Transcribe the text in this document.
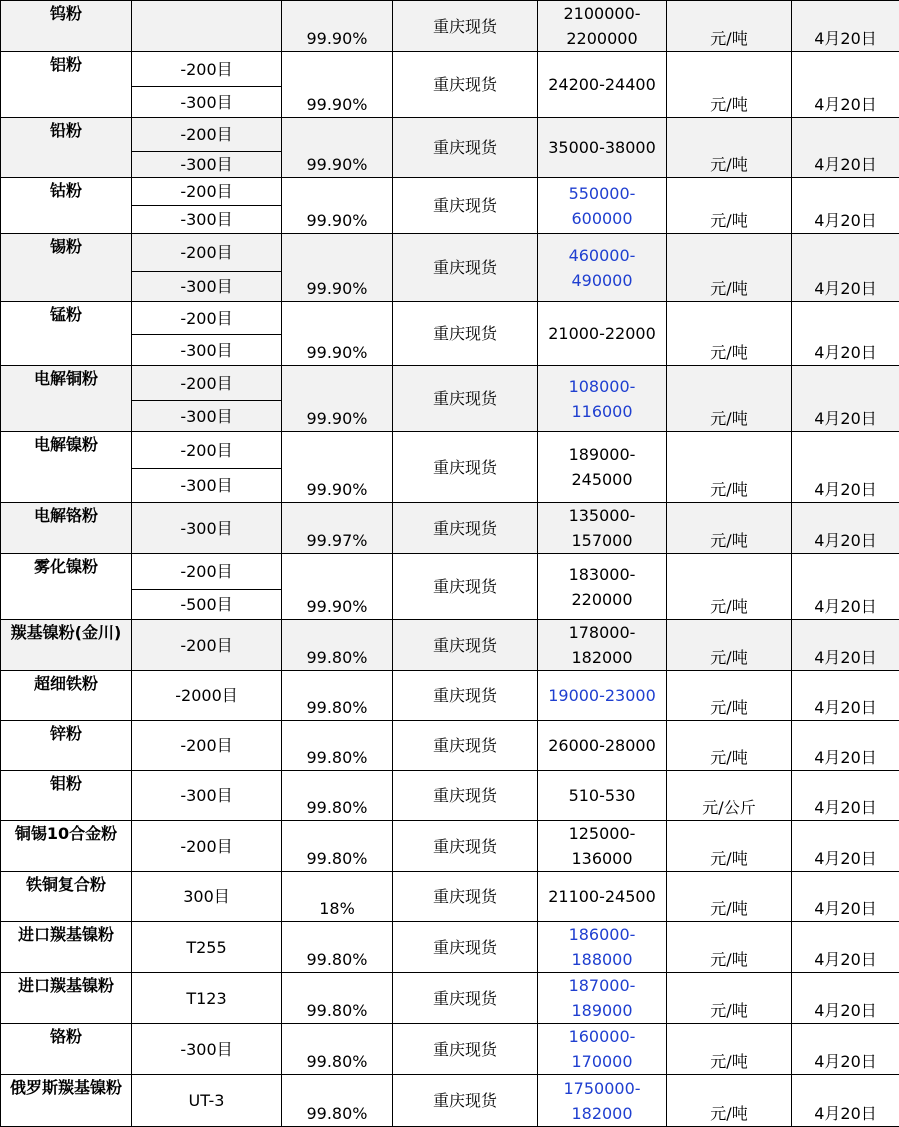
钨粉		99.90%	重庆现货	2100000-
2200000	元/吨	4月20日
铝粉	-200目	99.90%	重庆现货	24200-24400	元/吨	4月20日
	-300目					
铅粉	-200目	99.90%	重庆现货	35000-38000	元/吨	4月20日
	-300目					
钴粉	-200目	99.90%	重庆现货	550000-
600000	元/吨	4月20日
	-300目					
锡粉	-200目	99.90%	重庆现货	460000-
490000	元/吨	4月20日
	-300目					
锰粉	-200目	99.90%	重庆现货	21000-22000	元/吨	4月20日
	-300目					
电解铜粉	-200目	99.90%	重庆现货	108000-
116000	元/吨	4月20日
	-300目					
电解镍粉	-200目	99.90%	重庆现货	189000-
245000	元/吨	4月20日
	-300目					
电解铬粉	-300目	99.97%	重庆现货	135000-
157000	元/吨	4月20日
雾化镍粉	-200目	99.90%	重庆现货	183000-
220000	元/吨	4月20日
	-500目					
羰基镍粉(金川)	-200目	99.80%	重庆现货	178000-
182000	元/吨	4月20日
超细铁粉	-2000目	99.80%	重庆现货	19000-23000	元/吨	4月20日
锌粉	-200目	99.80%	重庆现货	26000-28000	元/吨	4月20日
钼粉	-300目	99.80%	重庆现货	510-530	元/公斤	4月20日
铜锡10合金粉	-200目	99.80%	重庆现货	125000-
136000	元/吨	4月20日
铁铜复合粉	300目	18%	重庆现货	21100-24500	元/吨	4月20日
进口羰基镍粉	T255	99.80%	重庆现货	186000-
188000	元/吨	4月20日
进口羰基镍粉	T123	99.80%	重庆现货	187000-
189000	元/吨	4月20日
铬粉	-300目	99.80%	重庆现货	160000-
170000	元/吨	4月20日
俄罗斯羰基镍粉	UT-3	99.80%	重庆现货	1750000-
182000	元/吨	4月20日
